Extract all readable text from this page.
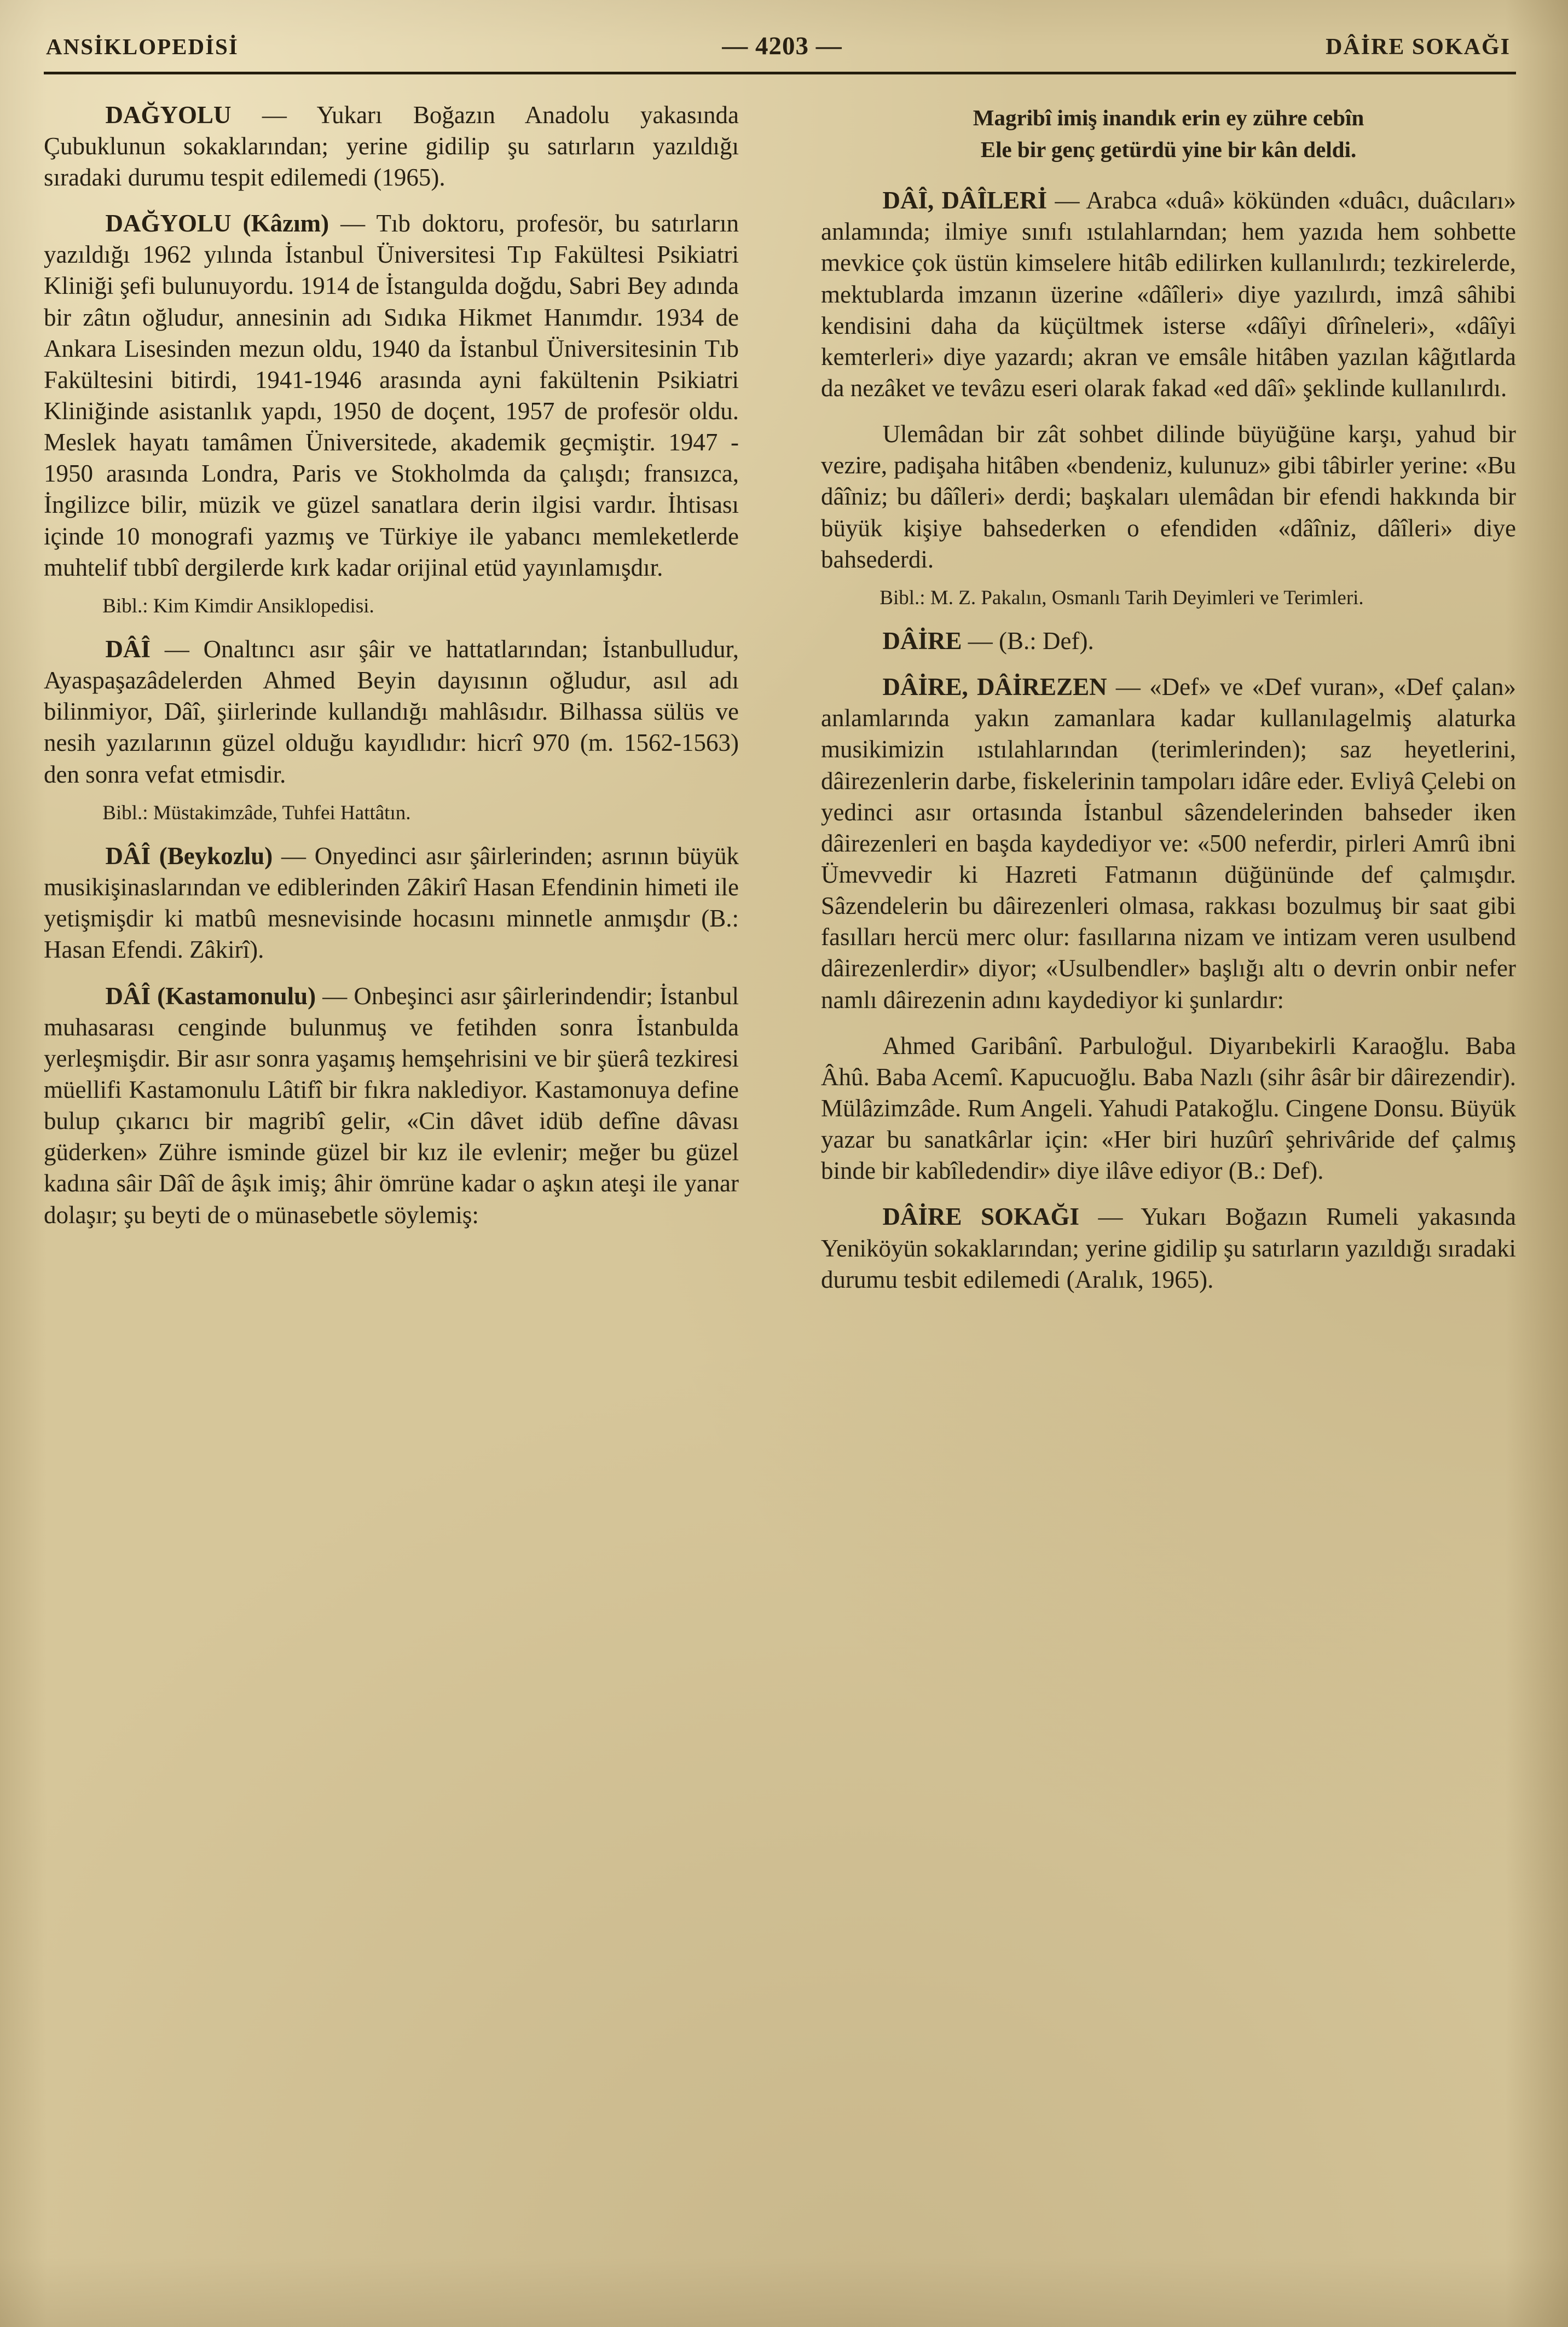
ANSİKLOPEDİSİ	— 4203 —	DÂİRE SOKAĞI

DAĞYOLU — Yukarı Boğazın Anadolu yakasında Çubuklunun sokaklarından; yerine gidilip şu satırların yazıldığı sıradaki durumu tespit edilemedi (1965).

DAĞYOLU (Kâzım) — Tıb doktoru, profesör, bu satırların yazıldığı 1962 yılında İstanbul Üniversitesi Tıp Fakültesi Psikiatri Kliniği şefi bulunuyordu. 1914 de İstangulda doğdu, Sabri Bey adında bir zâtın oğludur, annesinin adı Sıdıka Hikmet Hanımdır. 1934 de Ankara Lisesinden mezun oldu, 1940 da İstanbul Üniversitesinin Tıb Fakültesini bitirdi, 1941-1946 arasında ayni fakültenin Psikiatri Kliniğinde asistanlık yapdı, 1950 de doçent, 1957 de profesör oldu. Meslek hayatı tamâmen Üniversitede, akademik geçmiştir. 1947 - 1950 arasında Londra, Paris ve Stokholmda da çalışdı; fransızca, İngilizce bilir, müzik ve güzel sanatlara derin ilgisi vardır. İhtisası içinde 10 monografi yazmış ve Türkiye ile yabancı memleketlerde muhtelif tıbbî dergilerde kırk kadar orijinal etüd yayınlamışdır.

Bibl.: Kim Kimdir Ansiklopedisi.

DÂÎ — Onaltıncı asır şâir ve hattatlarından; İstanbulludur, Ayaspaşazâdelerden Ahmed Beyin dayısının oğludur, asıl adı bilinmiyor, Dâî, şiirlerinde kullandığı mahlâsıdır. Bilhassa sülüs ve nesih yazılarının güzel olduğu kayıdlıdır: hicrî 970 (m. 1562-1563) den sonra vefat etmisdir.

Bibl.: Müstakimzâde, Tuhfei Hattâtın.

DÂÎ (Beykozlu) — Onyedinci asır şâirlerinden; asrının büyük musikişinaslarından ve ediblerinden Zâkirî Hasan Efendinin himeti ile yetişmişdir ki matbû mesnevisinde hocasını minnetle anmışdır (B.: Hasan Efendi. Zâkirî).

DÂÎ (Kastamonulu) — Onbeşinci asır şâirlerindendir; İstanbul muhasarası cenginde bulunmuş ve fetihden sonra İstanbulda yerleşmişdir. Bir asır sonra yaşamış hemşehrisini ve bir şüerâ tezkiresi müellifi Kastamonulu Lâtifî bir fıkra naklediyor. Kastamonuya define bulup çıkarıcı bir magribî gelir, «Cin dâvet idüb defîne dâvası güderken» Zühre isminde güzel bir kız ile evlenir; meğer bu güzel kadına sâir Dâî de âşık imiş; âhir ömrüne kadar o aşkın ateşi ile yanar dolaşır; şu beyti de o münasebetle söylemiş:

Magribî imiş inandık erin ey zühre cebîn
Ele bir genç getürdü yine bir kân deldi.

DÂÎ, DÂÎLERİ — Arabca «duâ» kökünden «duâcı, duâcıları» anlamında; ilmiye sınıfı ıstılahlarndan; hem yazıda hem sohbette mevkice çok üstün kimselere hitâb edilirken kullanılırdı; tezkirelerde, mektublarda imzanın üzerine «dâîleri» diye yazılırdı, imzâ sâhibi kendisini daha da küçültmek isterse «dâîyi dîrîneleri», «dâîyi kemterleri» diye yazardı; akran ve emsâle hitâben yazılan kâğıtlarda da nezâket ve tevâzu eseri olarak fakad «ed dâî» şeklinde kullanılırdı.

Ulemâdan bir zât sohbet dilinde büyüğüne karşı, yahud bir vezire, padişaha hitâben «bendeniz, kulunuz» gibi tâbirler yerine: «Bu dâîniz; bu dâîleri» derdi; başkaları ulemâdan bir efendi hakkında bir büyük kişiye bahsederken o efendiden «dâîniz, dâîleri» diye bahsederdi.

Bibl.: M. Z. Pakalın, Osmanlı Tarih Deyimleri ve Terimleri.

DÂİRE — (B.: Def).

DÂİRE, DÂİREZEN — «Def» ve «Def vuran», «Def çalan» anlamlarında yakın zamanlara kadar kullanılagelmiş alaturka musikimizin ıstılahlarından (terimlerinden); saz heyetlerini, dâirezenlerin darbe, fiskelerinin tampoları idâre eder. Evliyâ Çelebi on yedinci asır ortasında İstanbul sâzendelerinden bahseder iken dâirezenleri en başda kaydediyor ve: «500 neferdir, pirleri Amrû ibni Ümevvedir ki Hazreti Fatmanın düğününde def çalmışdır. Sâzendelerin bu dâirezenleri olmasa, rakkası bozulmuş bir saat gibi fasılları hercü merc olur: fasıllarına nizam ve intizam veren usulbend dâirezenlerdir» diyor; «Usulbendler» başlığı altı o devrin onbir nefer namlı dâirezenin adını kaydediyor ki şunlardır:

Ahmed Garibânî. Parbuloğul. Diyarıbekirli Karaoğlu. Baba Âhû. Baba Acemî. Kapucuoğlu. Baba Nazlı (sihr âsâr bir dâirezendir). Mülâzimzâde. Rum Angeli. Yahudi Patakoğlu. Cingene Donsu. Büyük yazar bu sanatkârlar için: «Her biri huzûrî şehrivâride def çalmış binde bir kabîledendir» diye ilâve ediyor (B.: Def).

DÂİRE SOKAĞI — Yukarı Boğazın Rumeli yakasında Yeniköyün sokaklarından; yerine gidilip şu satırların yazıldığı sıradaki durumu tesbit edilemedi (Aralık, 1965).
